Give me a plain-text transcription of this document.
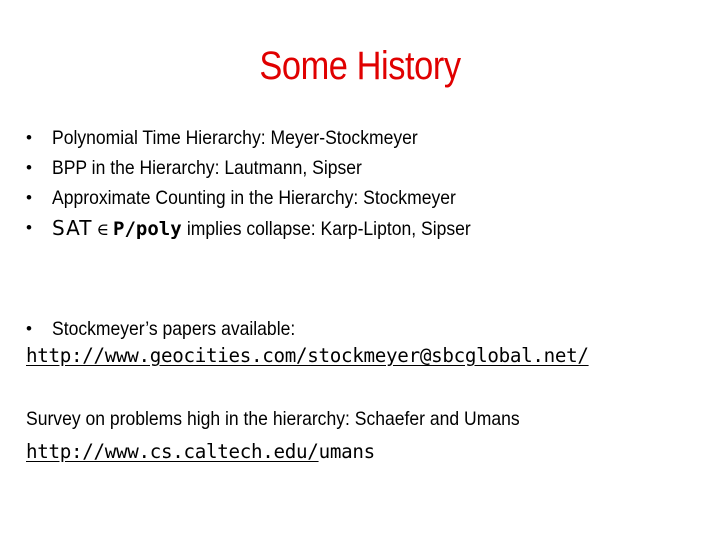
Some History
• Polynomial Time Hierarchy: Meyer-Stockmeyer
• BPP in the Hierarchy: Lautmann, Sipser
• Approximate Counting in the Hierarchy: Stockmeyer
• SAT ∈ P/poly implies collapse: Karp-Lipton, Sipser
• Stockmeyer’s papers available:
http://www.geocities.com/stockmeyer@sbcglobal.net/
Survey on problems high in the hierarchy: Schaefer and Umans
http://www.cs.caltech.edu/umans
